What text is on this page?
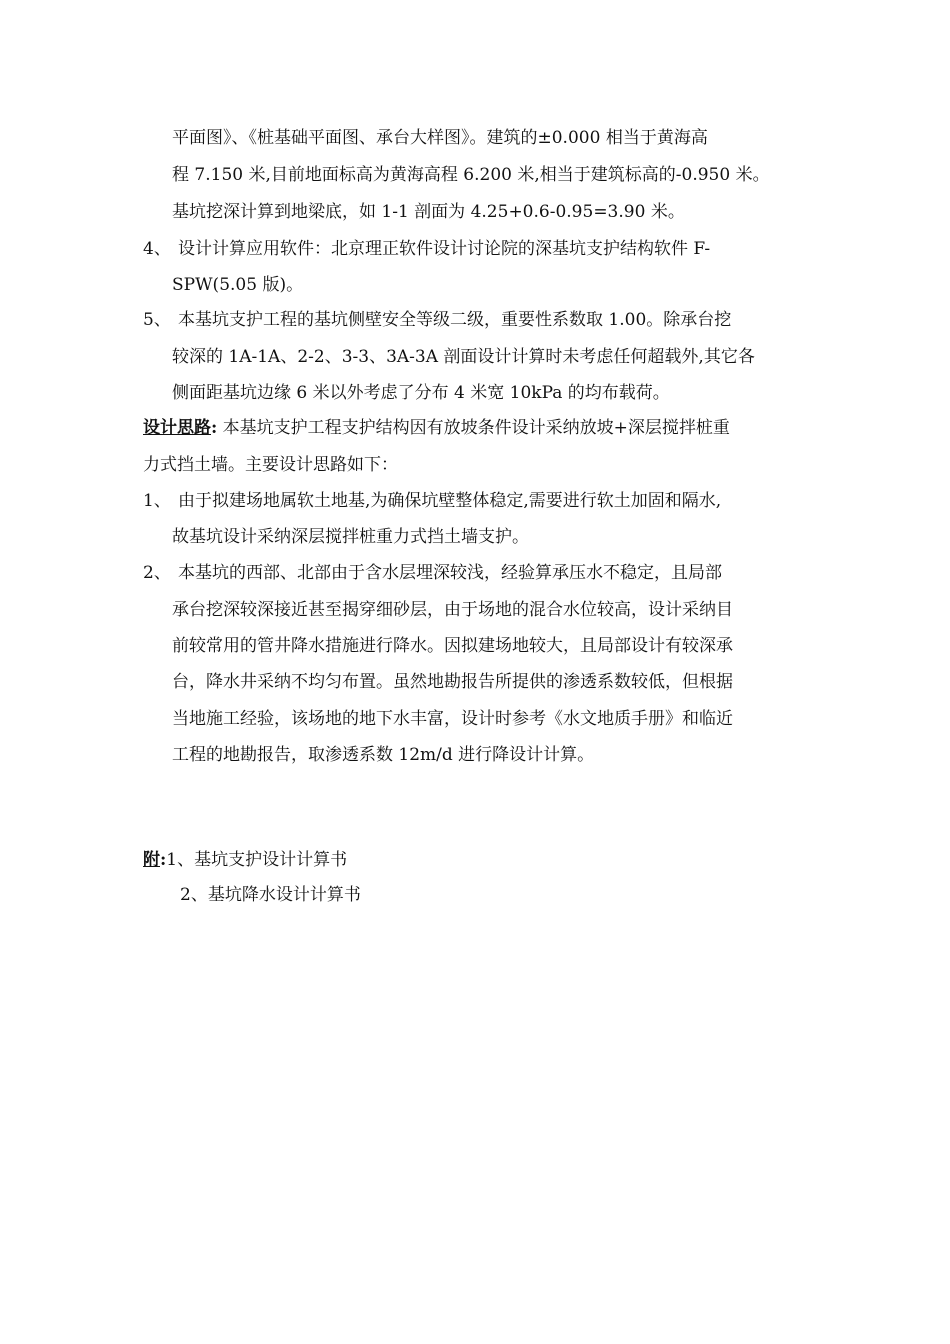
平面图》、《桩基础平面图、承台大样图》。建筑的±0.000 相当于黄海高
程 7.150 米,目前地面标高为黄海高程 6.200 米,相当于建筑标高的-0.950 米。
基坑挖深计算到地梁底，如 1-1 剖面为 4.25+0.6-0.95=3.90 米。
4、 设计计算应用软件：北京理正软件设计讨论院的深基坑支护结构软件 F-
SPW(5.05 版)。
5、 本基坑支护工程的基坑侧壁安全等级二级，重要性系数取 1.00。除承台挖
较深的 1A-1A、2-2、3-3、3A-3A 剖面设计计算时未考虑任何超载外,其它各
侧面距基坑边缘 6 米以外考虑了分布 4 米宽 10kPa 的均布载荷。
设计思路: 本基坑支护工程支护结构因有放坡条件设计采纳放坡+深层搅拌桩重
力式挡土墙。主要设计思路如下：
1、 由于拟建场地属软土地基,为确保坑壁整体稳定,需要进行软土加固和隔水,
故基坑设计采纳深层搅拌桩重力式挡土墙支护。
2、 本基坑的西部、北部由于含水层埋深较浅，经验算承压水不稳定，且局部
承台挖深较深接近甚至揭穿细砂层，由于场地的混合水位较高，设计采纳目
前较常用的管井降水措施进行降水。因拟建场地较大，且局部设计有较深承
台，降水井采纳不均匀布置。虽然地勘报告所提供的渗透系数较低，但根据
当地施工经验，该场地的地下水丰富，设计时参考《水文地质手册》和临近
工程的地勘报告，取渗透系数 12m/d 进行降设计计算。
附:1、基坑支护设计计算书
2、基坑降水设计计算书
